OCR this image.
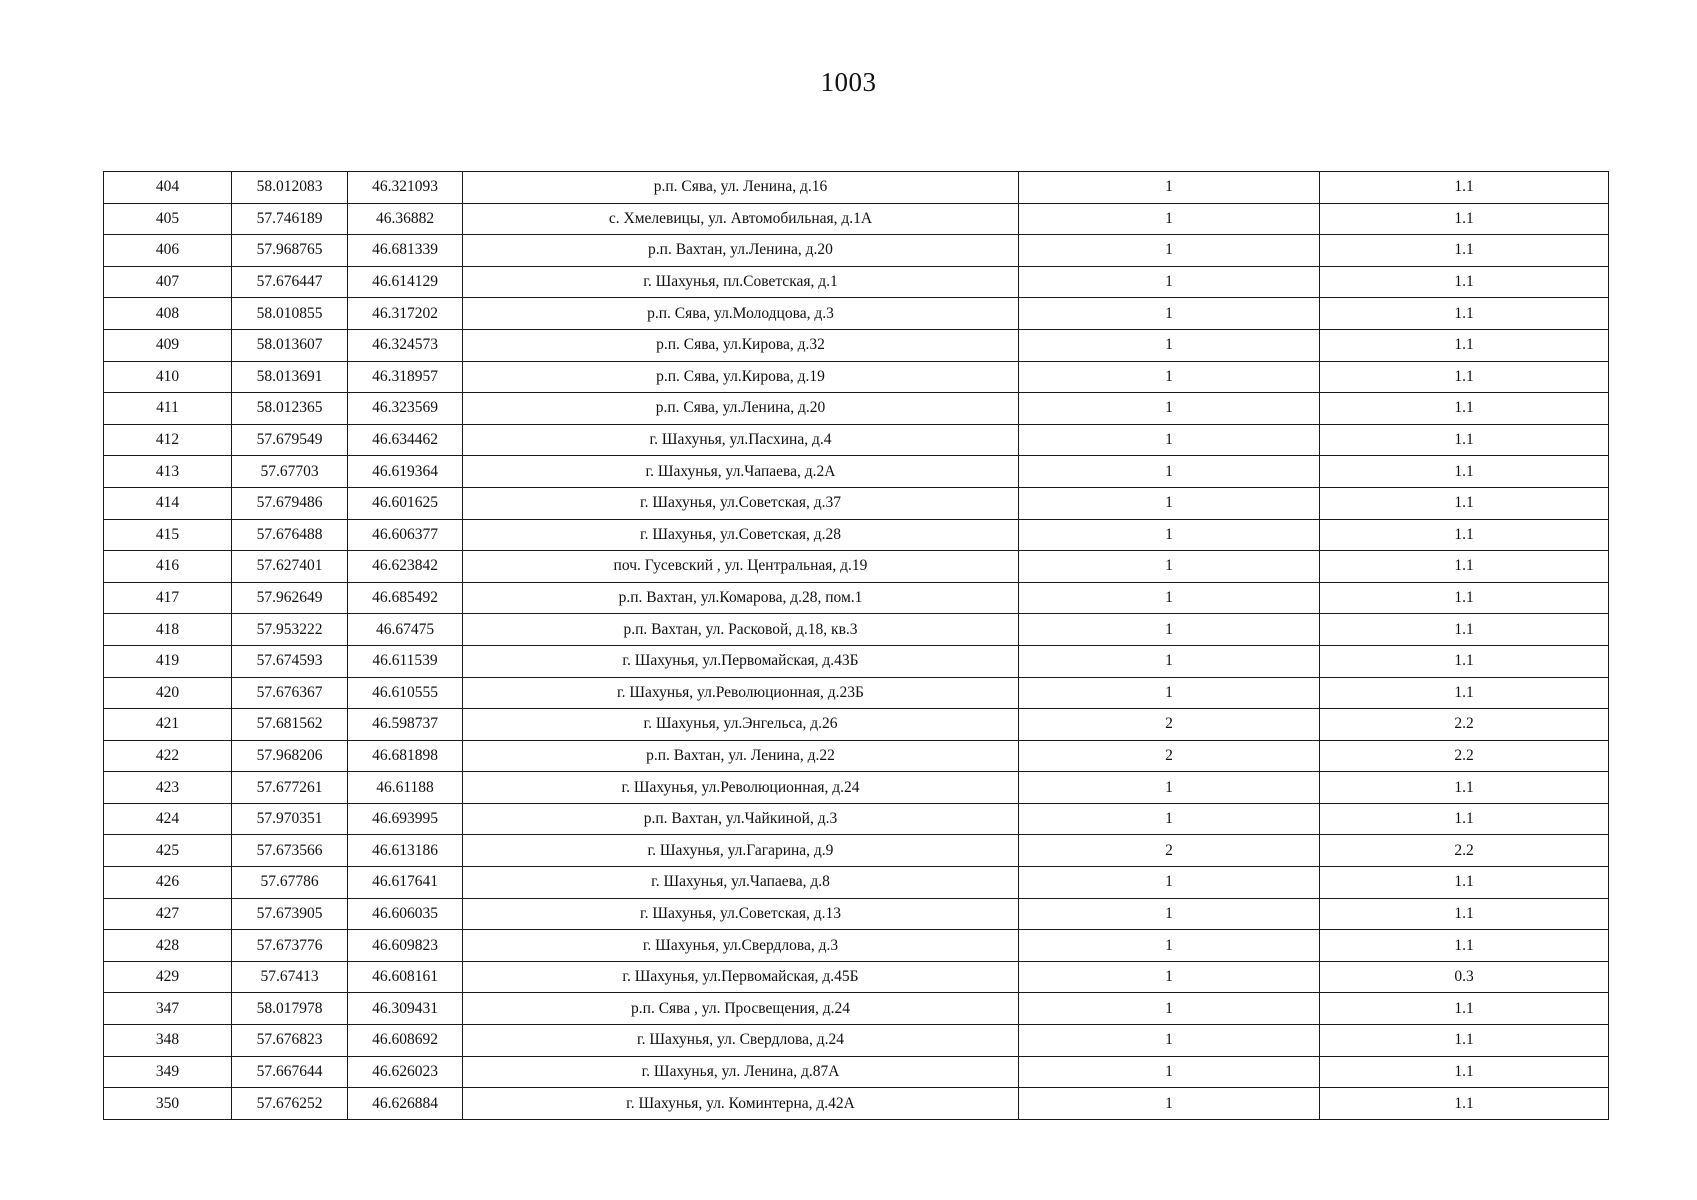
1003
404	58.012083	46.321093	р.п. Сява, ул. Ленина, д.16	1	1.1
405	57.746189	46.36882	с. Хмелевицы, ул. Автомобильная, д.1А	1	1.1
406	57.968765	46.681339	р.п. Вахтан, ул.Ленина, д.20	1	1.1
407	57.676447	46.614129	г. Шахунья, пл.Советская, д.1	1	1.1
408	58.010855	46.317202	р.п. Сява, ул.Молодцова, д.3	1	1.1
409	58.013607	46.324573	р.п. Сява, ул.Кирова, д.32	1	1.1
410	58.013691	46.318957	р.п. Сява, ул.Кирова, д.19	1	1.1
411	58.012365	46.323569	р.п. Сява, ул.Ленина, д.20	1	1.1
412	57.679549	46.634462	г. Шахунья, ул.Пасхина, д.4	1	1.1
413	57.67703	46.619364	г. Шахунья, ул.Чапаева, д.2А	1	1.1
414	57.679486	46.601625	г. Шахунья, ул.Советская, д.37	1	1.1
415	57.676488	46.606377	г. Шахунья, ул.Советская, д.28	1	1.1
416	57.627401	46.623842	поч. Гусевский , ул. Центральная, д.19	1	1.1
417	57.962649	46.685492	р.п. Вахтан, ул.Комарова, д.28, пом.1	1	1.1
418	57.953222	46.67475	р.п. Вахтан, ул. Расковой, д.18, кв.3	1	1.1
419	57.674593	46.611539	г. Шахунья, ул.Первомайская, д.43Б	1	1.1
420	57.676367	46.610555	г. Шахунья, ул.Революционная, д.23Б	1	1.1
421	57.681562	46.598737	г. Шахунья, ул.Энгельса, д.26	2	2.2
422	57.968206	46.681898	р.п. Вахтан, ул. Ленина, д.22	2	2.2
423	57.677261	46.61188	г. Шахунья, ул.Революционная, д.24	1	1.1
424	57.970351	46.693995	р.п. Вахтан, ул.Чайкиной, д.3	1	1.1
425	57.673566	46.613186	г. Шахунья, ул.Гагарина, д.9	2	2.2
426	57.67786	46.617641	г. Шахунья, ул.Чапаева, д.8	1	1.1
427	57.673905	46.606035	г. Шахунья, ул.Советская, д.13	1	1.1
428	57.673776	46.609823	г. Шахунья, ул.Свердлова, д.3	1	1.1
429	57.67413	46.608161	г. Шахунья, ул.Первомайская, д.45Б	1	0.3
347	58.017978	46.309431	р.п. Сява , ул. Просвещения, д.24	1	1.1
348	57.676823	46.608692	г. Шахунья, ул. Свердлова, д.24	1	1.1
349	57.667644	46.626023	г. Шахунья, ул. Ленина, д.87А	1	1.1
350	57.676252	46.626884	г. Шахунья, ул. Коминтерна, д.42А	1	1.1
